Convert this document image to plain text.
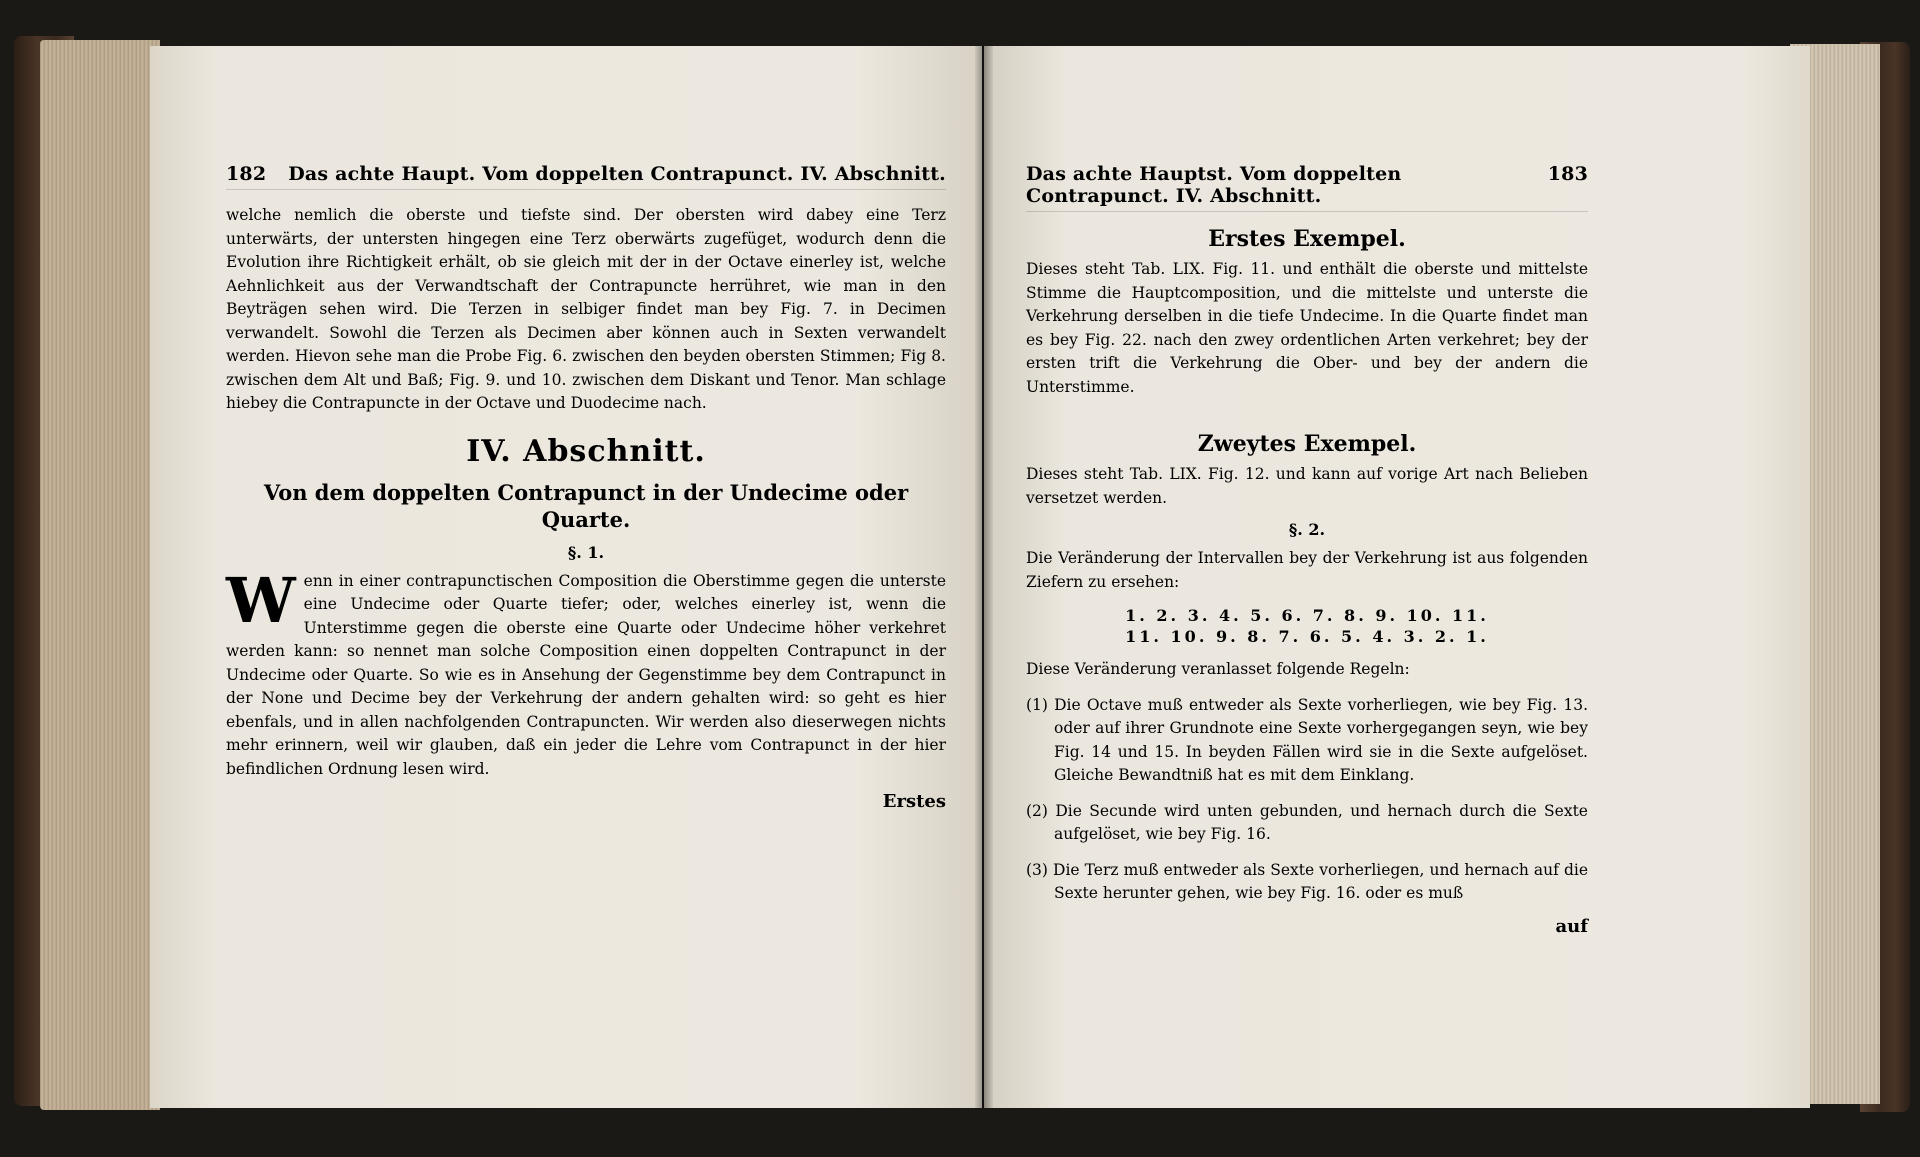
182 Das achte Haupt. Vom doppelten Contrapunct. IV. Abschnitt.

welche nemlich die oberste und tiefste sind. Der obersten wird dabey eine Terz unterwärts, der untersten hingegen eine Terz oberwärts zugefüget, wodurch denn die Evolution ihre Richtigkeit erhält, ob sie gleich mit der in der Octave einerley ist, welche Aehnlichkeit aus der Verwandtschaft der Contrapuncte herrühret, wie man in den Beyträgen sehen wird. Die Terzen in selbiger findet man bey Fig. 7. in Decimen verwandelt. Sowohl die Terzen als Decimen aber können auch in Sexten verwandelt werden. Hievon sehe man die Probe Fig. 6. zwischen den beyden obersten Stimmen; Fig 8. zwischen dem Alt und Baß; Fig. 9. und 10. zwischen dem Diskant und Tenor. Man schlage hiebey die Contrapuncte in der Octave und Duodecime nach.

IV. Abschnitt.
Von dem doppelten Contrapunct in der Undecime oder Quarte.
§. 1.
W enn in einer contrapunctischen Composition die Oberstimme gegen die unterste eine Undecime oder Quarte tiefer; oder, welches einerley ist, wenn die Unterstimme gegen die oberste eine Quarte oder Undecime höher verkehret werden kann: so nennet man solche Composition einen doppelten Contrapunct in der Undecime oder Quarte. So wie es in Ansehung der Gegenstimme bey dem Contrapunct in der None und Decime bey der Verkehrung der andern gehalten wird: so geht es hier ebenfals, und in allen nachfolgenden Contrapuncten. Wir werden also dieserwegen nichts mehr erinnern, weil wir glauben, daß ein jeder die Lehre vom Contrapunct in der hier befindlichen Ordnung lesen wird.

Erstes
Das achte Hauptst. Vom doppelten Contrapunct. IV. Abschnitt.
183
Erstes Exempel.

Dieses steht Tab. LIX. Fig. 11. und enthält die oberste und mittelste Stimme die Hauptcomposition, und die mittelste und unterste die Verkehrung derselben in die tiefe Undecime. In die Quarte findet man es bey Fig. 22. nach den zwey ordentlichen Arten verkehret; bey der ersten trift die Verkehrung die Ober- und bey der andern die Unterstimme.

Zweytes Exempel.

Dieses steht Tab. LIX. Fig. 12. und kann auf vorige Art nach Belieben versetzet werden.

§. 2.

Die Veränderung der Intervallen bey der Verkehrung ist aus folgenden Ziefern zu ersehen:

1. 2. 3. 4. 5. 6. 7. 8. 9. 10. 11.
11. 10. 9. 8. 7. 6. 5. 4. 3. 2. 1.

Diese Veränderung veranlasset folgende Regeln:

(1) Die Octave muß entweder als Sexte vorherliegen, wie bey Fig. 13. oder auf ihrer Grundnote eine Sexte vorhergegangen seyn, wie bey Fig. 14 und 15. In beyden Fällen wird sie in die Sexte aufgelöset. Gleiche Bewandtniß hat es mit dem Einklang.
(2) Die Secunde wird unten gebunden, und hernach durch die Sexte aufgelöset, wie bey Fig. 16.
(3) Die Terz muß entweder als Sexte vorherliegen, und hernach auf die Sexte herunter gehen, wie bey Fig. 16. oder es muß
auf
